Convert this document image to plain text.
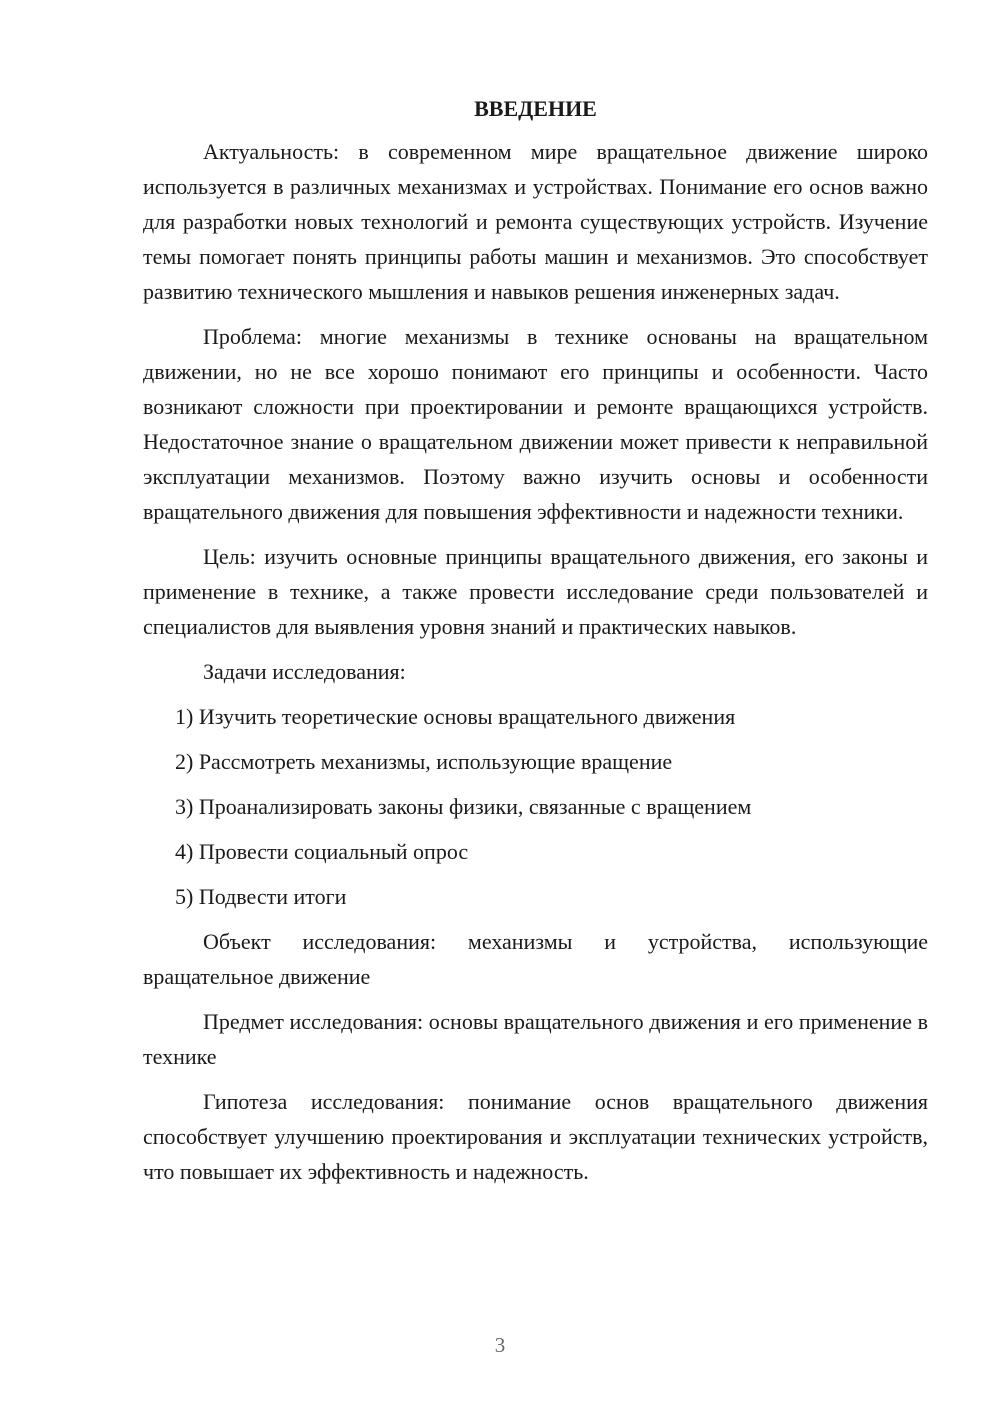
ВВЕДЕНИЕ

Актуальность: в современном мире вращательное движение широко используется в различных механизмах и устройствах. Понимание его основ важно для разработки новых технологий и ремонта существующих устройств. Изучение темы помогает понять принципы работы машин и механизмов. Это способствует развитию технического мышления и навыков решения инженерных задач.

Проблема: многие механизмы в технике основаны на вращательном движении, но не все хорошо понимают его принципы и особенности. Часто возникают сложности при проектировании и ремонте вращающихся устройств. Недостаточное знание о вращательном движении может привести к неправильной эксплуатации механизмов. Поэтому важно изучить основы и особенности вращательного движения для повышения эффективности и надежности техники.

Цель: изучить основные принципы вращательного движения, его законы и применение в технике, а также провести исследование среди пользователей и специалистов для выявления уровня знаний и практических навыков.

Задачи исследования:

1) Изучить теоретические основы вращательного движения
2) Рассмотреть механизмы, использующие вращение
3) Проанализировать законы физики, связанные с вращением
4) Провести социальный опрос
5) Подвести итоги

Объект исследования: механизмы и устройства, использующие вращательное движение

Предмет исследования: основы вращательного движения и его применение в технике

Гипотеза исследования: понимание основ вращательного движения способствует улучшению проектирования и эксплуатации технических устройств, что повышает их эффективность и надежность.

3
